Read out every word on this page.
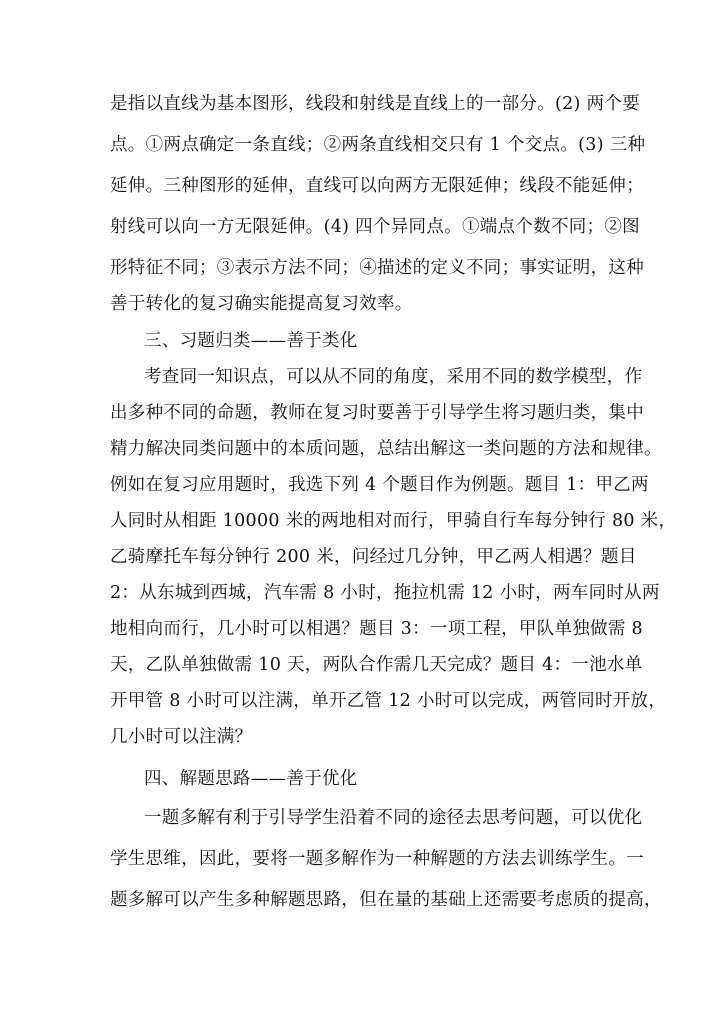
是指以直线为基本图形，线段和射线是直线上的一部分。(2) 两个要
点。①两点确定一条直线；②两条直线相交只有 1 个交点。(3) 三种
延伸。三种图形的延伸，直线可以向两方无限延伸；线段不能延伸；
射线可以向一方无限延伸。(4) 四个异同点。①端点个数不同；②图
形特征不同；③表示方法不同；④描述的定义不同；事实证明，这种
善于转化的复习确实能提高复习效率。
三、习题归类——善于类化
考查同一知识点，可以从不同的角度，采用不同的数学模型，作
出多种不同的命题，教师在复习时要善于引导学生将习题归类，集中
精力解决同类问题中的本质问题，总结出解这一类问题的方法和规律。
例如在复习应用题时，我选下列 4 个题目作为例题。题目 1：甲乙两
人同时从相距 10000 米的两地相对而行，甲骑自行车每分钟行 80 米，
乙骑摩托车每分钟行 200 米，问经过几分钟，甲乙两人相遇？题目
2：从东城到西城，汽车需 8 小时，拖拉机需 12 小时，两车同时从两
地相向而行，几小时可以相遇？题目 3：一项工程，甲队单独做需 8
天，乙队单独做需 10 天，两队合作需几天完成？题目 4：一池水单
开甲管 8 小时可以注满，单开乙管 12 小时可以完成，两管同时开放，
几小时可以注满？
四、解题思路——善于优化
一题多解有利于引导学生沿着不同的途径去思考问题，可以优化
学生思维，因此，要将一题多解作为一种解题的方法去训练学生。一
题多解可以产生多种解题思路，但在量的基础上还需要考虑质的提高，
